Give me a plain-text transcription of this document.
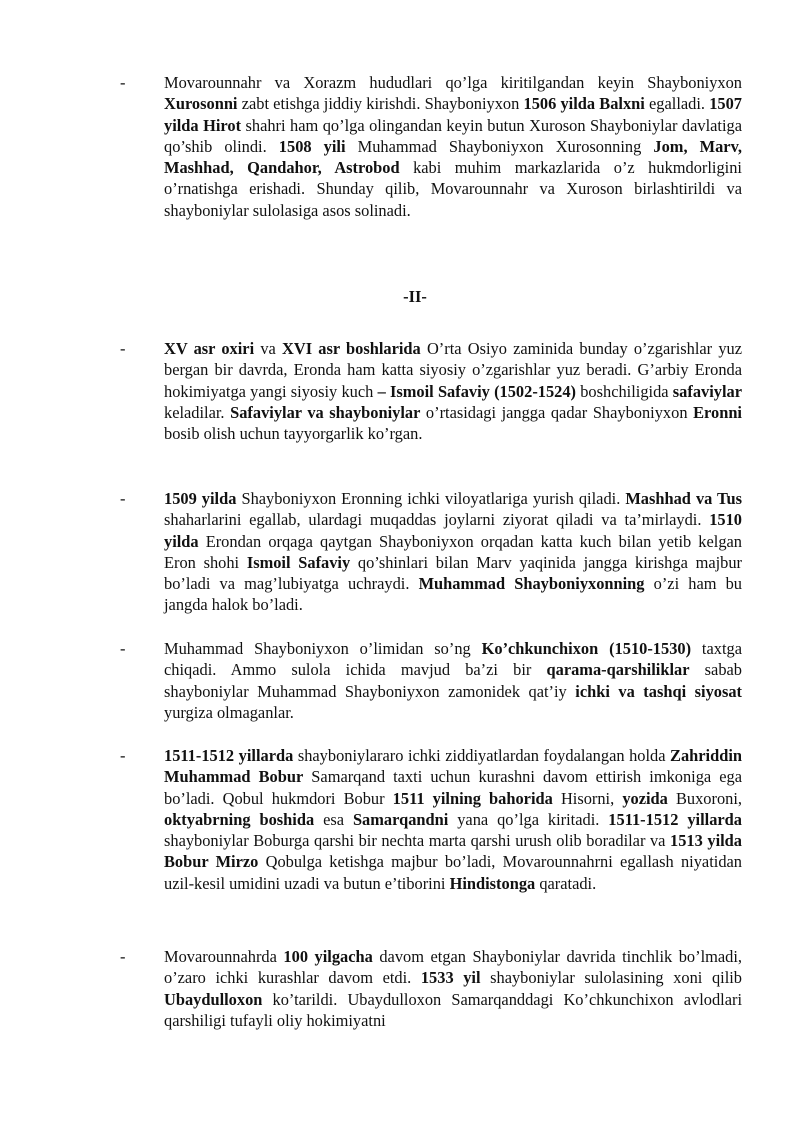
- Movarounnahr va Xorazm hududlari qo’lga kiritilgandan keyin Shayboniyxon Xurosonni zabt etishga jiddiy kirishdi. Shayboniyxon 1506 yilda Balxni egalladi. 1507 yilda Hirot shahri ham qo’lga olingandan keyin butun Xuroson Shayboniylar davlatiga qo’shib olindi. 1508 yili Muhammad Shayboniyxon Xurosonning Jom, Marv, Mashhad, Qandahor, Astrobod kabi muhim markazlarida o’z hukmdorligini o’rnatishga erishadi. Shunday qilib, Movarounnahr va Xuroson birlashtirildi va shayboniylar sulolasiga asos solinadi.
-II-
- XV asr oxiri va XVI asr boshlarida O’rta Osiyo zaminida bunday o’zgarishlar yuz bergan bir davrda, Eronda ham katta siyosiy o’zgarishlar yuz beradi. G’arbiy Eronda hokimiyatga yangi siyosiy kuch – Ismoil Safaviy (1502-1524) boshchiligida safaviylar keladilar. Safaviylar va shayboniylar o’rtasidagi jangga qadar Shayboniyxon Eronni bosib olish uchun tayyorgarlik ko’rgan.
- 1509 yilda Shayboniyxon Eronning ichki viloyatlariga yurish qiladi. Mashhad va Tus shaharlarini egallab, ulardagi muqaddas joylarni ziyorat qiladi va ta’mirlaydi. 1510 yilda Erondan orqaga qaytgan Shayboniyxon orqadan katta kuch bilan yetib kelgan Eron shohi Ismoil Safaviy qo’shinlari bilan Marv yaqinida jangga kirishga majbur bo’ladi va mag’lubiyatga uchraydi. Muhammad Shayboniyxonning o’zi ham bu jangda halok bo’ladi.
- Muhammad Shayboniyxon o’limidan so’ng Ko’chkunchixon (1510-1530) taxtga chiqadi. Ammo sulola ichida mavjud ba’zi bir qarama-qarshiliklar sabab shayboniylar Muhammad Shayboniyxon zamonidek qat’iy ichki va tashqi siyosat yurgiza olmaganlar.
- 1511-1512 yillarda shayboniylararo ichki ziddiyatlardan foydalangan holda Zahriddin Muhammad Bobur Samarqand taxti uchun kurashni davom ettirish imkoniga ega bo’ladi. Qobul hukmdori Bobur 1511 yilning bahorida Hisorni, yozida Buxoroni, oktyabrning boshida esa Samarqandni yana qo’lga kiritadi. 1511-1512 yillarda shayboniylar Boburga qarshi bir nechta marta qarshi urush olib boradilar va 1513 yilda Bobur Mirzo Qobulga ketishga majbur bo’ladi, Movarounnahrni egallash niyatidan uzil-kesil umidini uzadi va butun e’tiborini Hindistonga qaratadi.
- Movarounnahrda 100 yilgacha davom etgan Shayboniylar davrida tinchlik bo’lmadi, o’zaro ichki kurashlar davom etdi. 1533 yil shayboniylar sulolasining xoni qilib Ubaydulloxon ko’tarildi. Ubaydulloxon Samarqanddagi Ko’chkunchixon avlodlari qarshiligi tufayli oliy hokimiyatni
